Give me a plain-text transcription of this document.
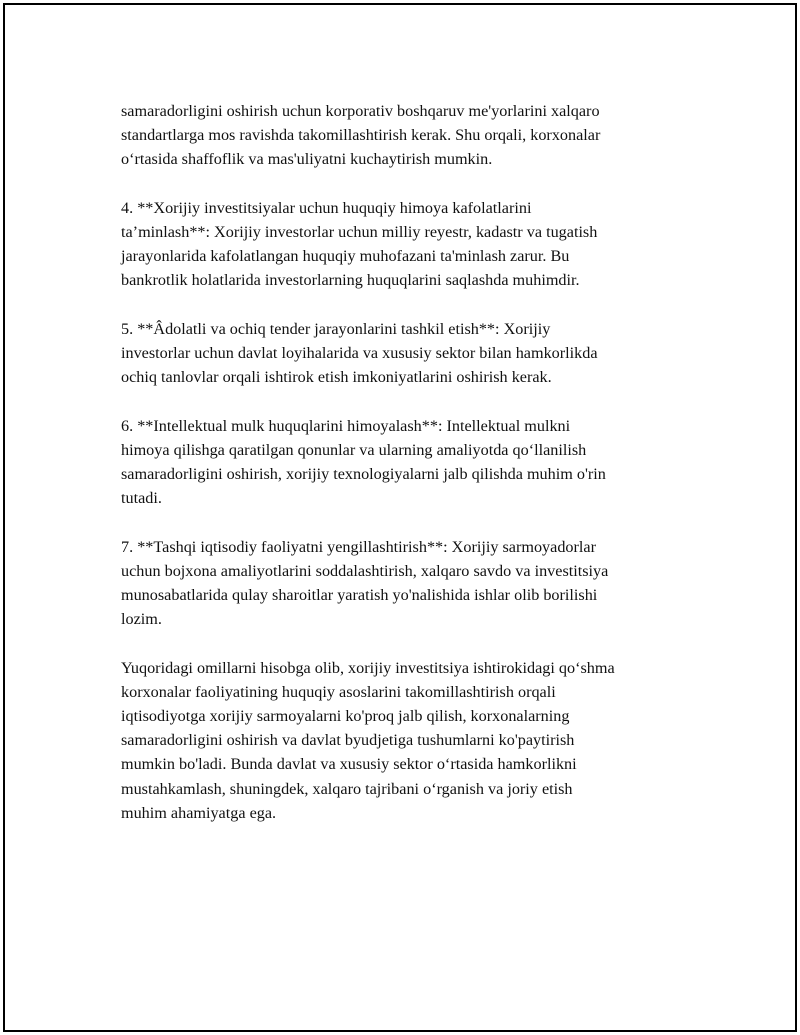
samaradorligini oshirish uchun korporativ boshqaruv me'yorlarini xalqaro
standartlarga mos ravishda takomillashtirish kerak. Shu orqali, korxonalar
o‘rtasida shaffoflik va mas'uliyatni kuchaytirish mumkin.

4. **Xorijiy investitsiyalar uchun huquqiy himoya kafolatlarini
ta’minlash**: Xorijiy investorlar uchun milliy reyestr, kadastr va tugatish
jarayonlarida kafolatlangan huquqiy muhofazani ta'minlash zarur. Bu
bankrotlik holatlarida investorlarning huquqlarini saqlashda muhimdir.

5. **Âdolatli va ochiq tender jarayonlarini tashkil etish**: Xorijiy
investorlar uchun davlat loyihalarida va xususiy sektor bilan hamkorlikda
ochiq tanlovlar orqali ishtirok etish imkoniyatlarini oshirish kerak.

6. **Intellektual mulk huquqlarini himoyalash**: Intellektual mulkni
himoya qilishga qaratilgan qonunlar va ularning amaliyotda qo‘llanilish
samaradorligini oshirish, xorijiy texnologiyalarni jalb qilishda muhim o'rin
tutadi.

7. **Tashqi iqtisodiy faoliyatni yengillashtirish**: Xorijiy sarmoyadorlar
uchun bojxona amaliyotlarini soddalashtirish, xalqaro savdo va investitsiya
munosabatlarida qulay sharoitlar yaratish yo'nalishida ishlar olib borilishi
lozim.

Yuqoridagi omillarni hisobga olib, xorijiy investitsiya ishtirokidagi qo‘shma
korxonalar faoliyatining huquqiy asoslarini takomillashtirish orqali
iqtisodiyotga xorijiy sarmoyalarni ko'proq jalb qilish, korxonalarning
samaradorligini oshirish va davlat byudjetiga tushumlarni ko'paytirish
mumkin bo'ladi. Bunda davlat va xususiy sektor o‘rtasida hamkorlikni
mustahkamlash, shuningdek, xalqaro tajribani o‘rganish va joriy etish
muhim ahamiyatga ega.
